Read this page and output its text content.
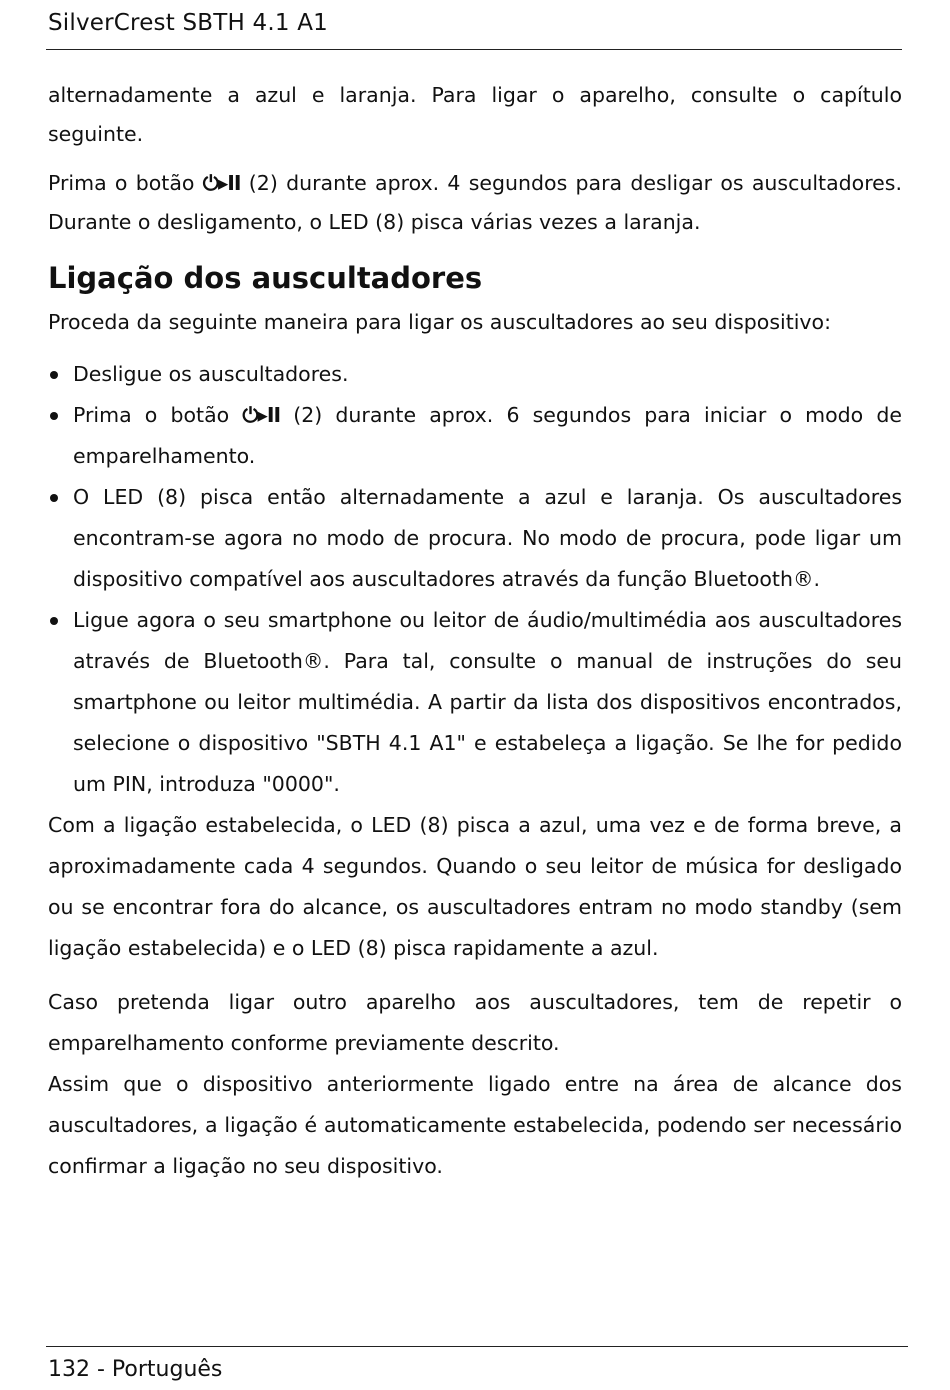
SilverCrest SBTH 4.1 A1

alternadamente a azul e laranja. Para ligar o aparelho, consulte o capítulo seguinte.

Prima o botão ⏻▸II (2) durante aprox. 4 segundos para desligar os auscultadores. Durante o desligamento, o LED (8) pisca várias vezes a laranja.

Ligação dos auscultadores

Proceda da seguinte maneira para ligar os auscultadores ao seu dispositivo:

Desligue os auscultadores.
Prima o botão ⏻▸II (2) durante aprox. 6 segundos para iniciar o modo de emparelhamento.
O LED (8) pisca então alternadamente a azul e laranja. Os auscultadores encontram-se agora no modo de procura. No modo de procura, pode ligar um dispositivo compatível aos auscultadores através da função Bluetooth®.
Ligue agora o seu smartphone ou leitor de áudio/multimédia aos auscultadores através de Bluetooth®. Para tal, consulte o manual de instruções do seu smartphone ou leitor multimédia. A partir da lista dos dispositivos encontrados, selecione o dispositivo "SBTH 4.1 A1" e estabeleça a ligação. Se lhe for pedido um PIN, introduza "0000".

Com a ligação estabelecida, o LED (8) pisca a azul, uma vez e de forma breve, a aproximadamente cada 4 segundos. Quando o seu leitor de música for desligado ou se encontrar fora do alcance, os auscultadores entram no modo standby (sem ligação estabelecida) e o LED (8) pisca rapidamente a azul.

Caso pretenda ligar outro aparelho aos auscultadores, tem de repetir o emparelhamento conforme previamente descrito.

Assim que o dispositivo anteriormente ligado entre na área de alcance dos auscultadores, a ligação é automaticamente estabelecida, podendo ser necessário confirmar a ligação no seu dispositivo.

132 - Português
